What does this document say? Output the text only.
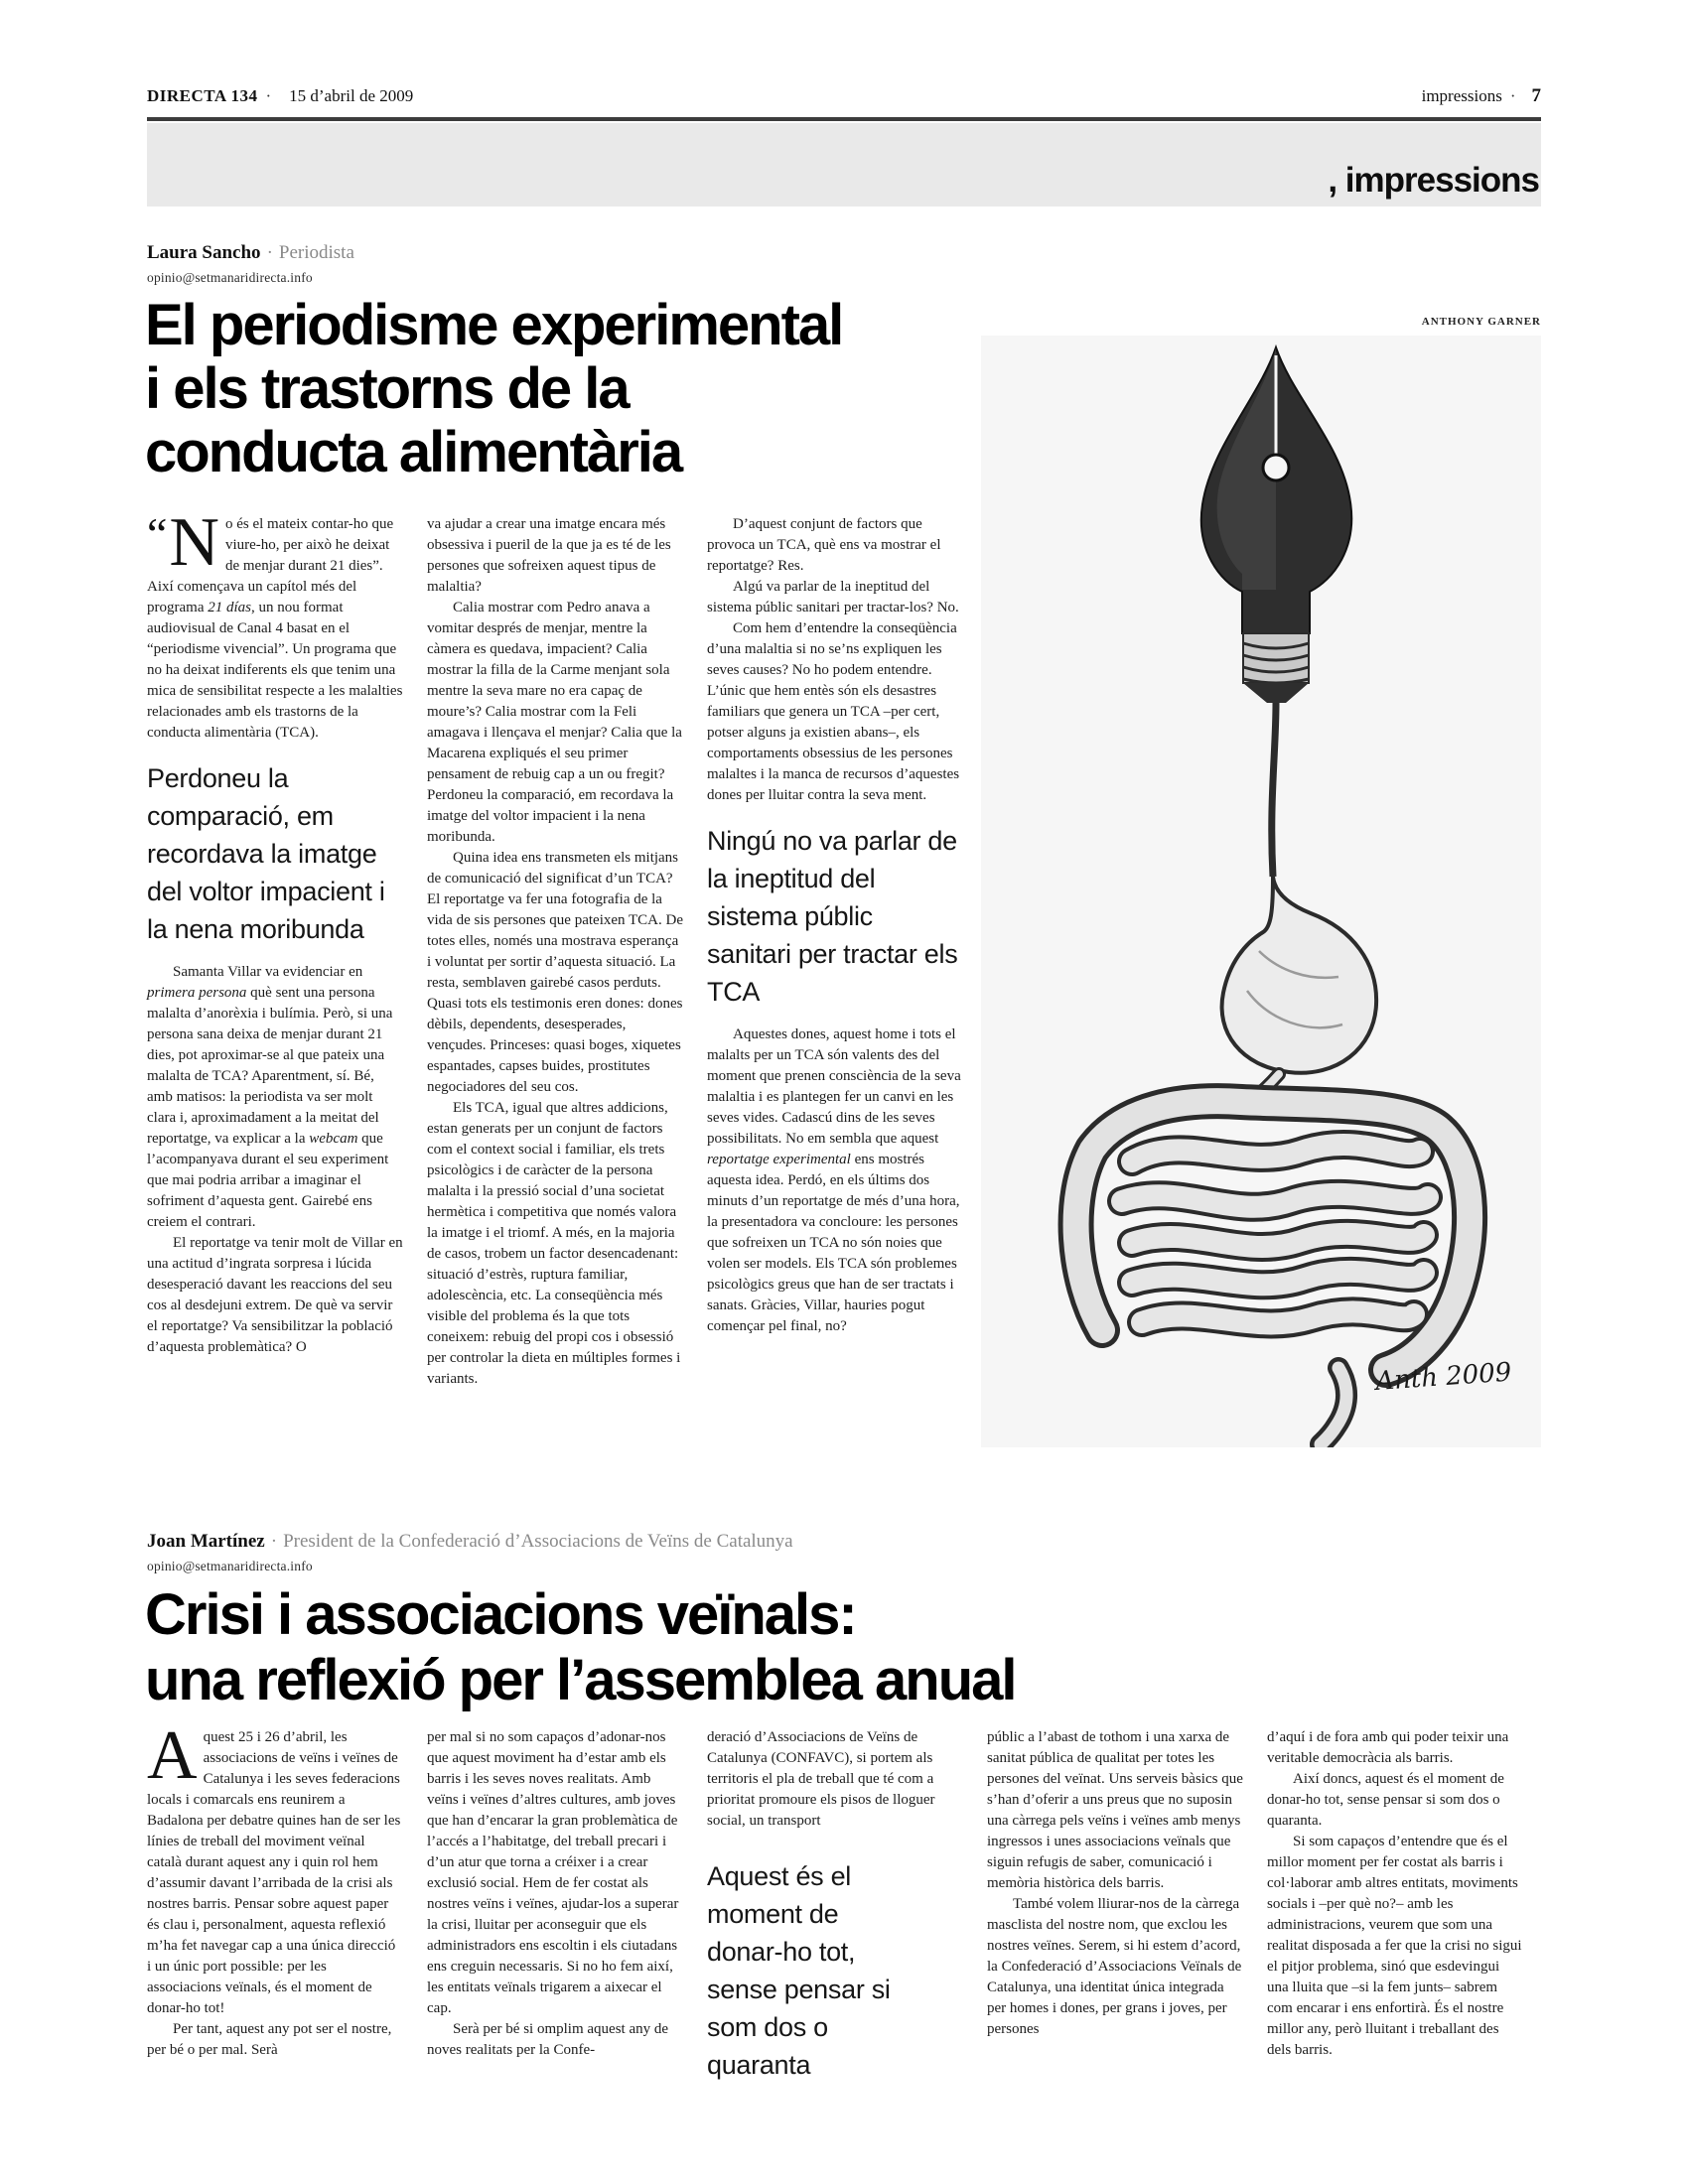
DIRECTA 134 · 15 d’abril de 2009	impressions · 7
, impressions
Laura Sancho · Periodista
opinio@setmanaridirecta.info
El periodisme experimental
i els trastorns de la
conducta alimentària

“ N o és el mateix contar-ho que viure-ho, per això he deixat de menjar durant 21 dies”. Així començava un capítol més del programa 21 días, un nou format audiovisual de Canal 4 basat en el “periodisme vivencial”. Un programa que no ha deixat indiferents els que tenim una mica de sensibilitat respecte a les malalties relacionades amb els trastorns de la conducta alimentària (TCA).

Perdoneu la comparació, em recordava la imatge del voltor impacient i la nena moribunda

Samanta Villar va evidenciar en primera persona què sent una persona malalta d’anorèxia i bulímia. Però, si una persona sana deixa de menjar durant 21 dies, pot aproximar-se al que pateix una malalta de TCA? Aparentment, sí. Bé, amb matisos: la periodista va ser molt clara i, aproximadament a la meitat del reportatge, va explicar a la webcam que l’acompanyava durant el seu experiment que mai podria arribar a imaginar el sofriment d’aquesta gent. Gairebé ens creiem el contrari.

El reportatge va tenir molt de Villar en una actitud d’ingrata sorpresa i lúcida desesperació davant les reaccions del seu cos al desdejuni extrem. De què va servir el reportatge? Va sensibilitzar la població d’aquesta problemàtica? O

va ajudar a crear una imatge encara més obsessiva i pueril de la que ja es té de les persones que sofreixen aquest tipus de malaltia?

Calia mostrar com Pedro anava a vomitar després de menjar, mentre la càmera es quedava, impacient? Calia mostrar la filla de la Carme menjant sola mentre la seva mare no era capaç de moure’s? Calia mostrar com la Feli amagava i llençava el menjar? Calia que la Macarena expliqués el seu primer pensament de rebuig cap a un ou fregit? Perdoneu la comparació, em recordava la imatge del voltor impacient i la nena moribunda.

Quina idea ens transmeten els mitjans de comunicació del significat d’un TCA? El reportatge va fer una fotografia de la vida de sis persones que pateixen TCA. De totes elles, només una mostrava esperança i voluntat per sortir d’aquesta situació. La resta, semblaven gairebé casos perduts. Quasi tots els testimonis eren dones: dones dèbils, dependents, desesperades, vençudes. Princeses: quasi boges, xiquetes espantades, capses buides, prostitutes negociadores del seu cos.

Els TCA, igual que altres addicions, estan generats per un conjunt de factors com el context social i familiar, els trets psicològics i de caràcter de la persona malalta i la pressió social d’una societat hermètica i competitiva que només valora la imatge i el triomf. A més, en la majoria de casos, trobem un factor desencadenant: situació d’estrès, ruptura familiar, adolescència, etc. La conseqüència més visible del problema és la que tots coneixem: rebuig del propi cos i obsessió per controlar la dieta en múltiples formes i variants.

D’aquest conjunt de factors que provoca un TCA, què ens va mostrar el reportatge? Res.

Algú va parlar de la ineptitud del sistema públic sanitari per tractar-los? No.

Com hem d’entendre la conseqüència d’una malaltia si no se’ns expliquen les seves causes? No ho podem entendre. L’únic que hem entès són els desastres familiars que genera un TCA –per cert, potser alguns ja existien abans–, els comportaments obsessius de les persones malaltes i la manca de recursos d’aquestes dones per lluitar contra la seva ment.

Ningú no va parlar de la ineptitud del sistema públic sanitari per tractar els TCA

Aquestes dones, aquest home i tots el malalts per un TCA són valents des del moment que prenen consciència de la seva malaltia i es plantegen fer un canvi en les seves vides. Cadascú dins de les seves possibilitats. No em sembla que aquest reportatge experimental ens mostrés aquesta idea. Perdó, en els últims dos minuts d’un reportatge de més d’una hora, la presentadora va concloure: les persones que sofreixen un TCA no són noies que volen ser models. Els TCA són problemes psicològics greus que han de ser tractats i sanats. Gràcies, Villar, hauries pogut començar pel final, no?

ANTHONY GARNER
Anth 2009
Joan Martínez · President de la Confederació d’Associacions de Veïns de Catalunya
opinio@setmanaridirecta.info
Crisi i associacions veïnals:
una reflexió per l’assemblea anual

A quest 25 i 26 d’abril, les associacions de veïns i veïnes de Catalunya i les seves federacions locals i comarcals ens reunirem a Badalona per debatre quines han de ser les línies de treball del moviment veïnal català durant aquest any i quin rol hem d’assumir davant l’arribada de la crisi als nostres barris. Pensar sobre aquest paper és clau i, personalment, aquesta reflexió m’ha fet navegar cap a una única direcció i un únic port possible: per les associacions veïnals, és el moment de donar-ho tot!

Per tant, aquest any pot ser el nostre, per bé o per mal. Serà

per mal si no som capaços d’adonar-nos que aquest moviment ha d’estar amb els barris i les seves noves realitats. Amb veïns i veïnes d’altres cultures, amb joves que han d’encarar la gran problemàtica de l’accés a l’habitatge, del treball precari i d’un atur que torna a créixer i a crear exclusió social. Hem de fer costat als nostres veïns i veïnes, ajudar-los a superar la crisi, lluitar per aconseguir que els administradors ens escoltin i els ciutadans ens creguin necessaris. Si no ho fem així, les entitats veïnals trigarem a aixecar el cap.

Serà per bé si omplim aquest any de noves realitats per la Confe-

deració d’Associacions de Veïns de Catalunya (CONFAVC), si portem als territoris el pla de treball que té com a prioritat promoure els pisos de lloguer social, un transport

Aquest és el moment de donar-ho tot, sense pensar si som dos o quaranta

públic a l’abast de tothom i una xarxa de sanitat pública de qualitat per totes les persones del veïnat. Uns serveis bàsics que s’han d’oferir a uns preus que no suposin una càrrega pels veïns i veïnes amb menys ingressos i unes associacions veïnals que siguin refugis de saber, comunicació i memòria històrica dels barris.

També volem lliurar-nos de la càrrega masclista del nostre nom, que exclou les nostres veïnes. Serem, si hi estem d’acord, la Confederació d’Associacions Veïnals de Catalunya, una identitat única integrada per homes i dones, per grans i joves, per persones

d’aquí i de fora amb qui poder teixir una veritable democràcia als barris.

Així doncs, aquest és el moment de donar-ho tot, sense pensar si som dos o quaranta.

Si som capaços d’entendre que és el millor moment per fer costat als barris i col·laborar amb altres entitats, moviments socials i –per què no?– amb les administracions, veurem que som una realitat disposada a fer que la crisi no sigui el pitjor problema, sinó que esdevingui una lluita que –si la fem junts– sabrem com encarar i ens enfortirà. És el nostre millor any, però lluitant i treballant des dels barris.
